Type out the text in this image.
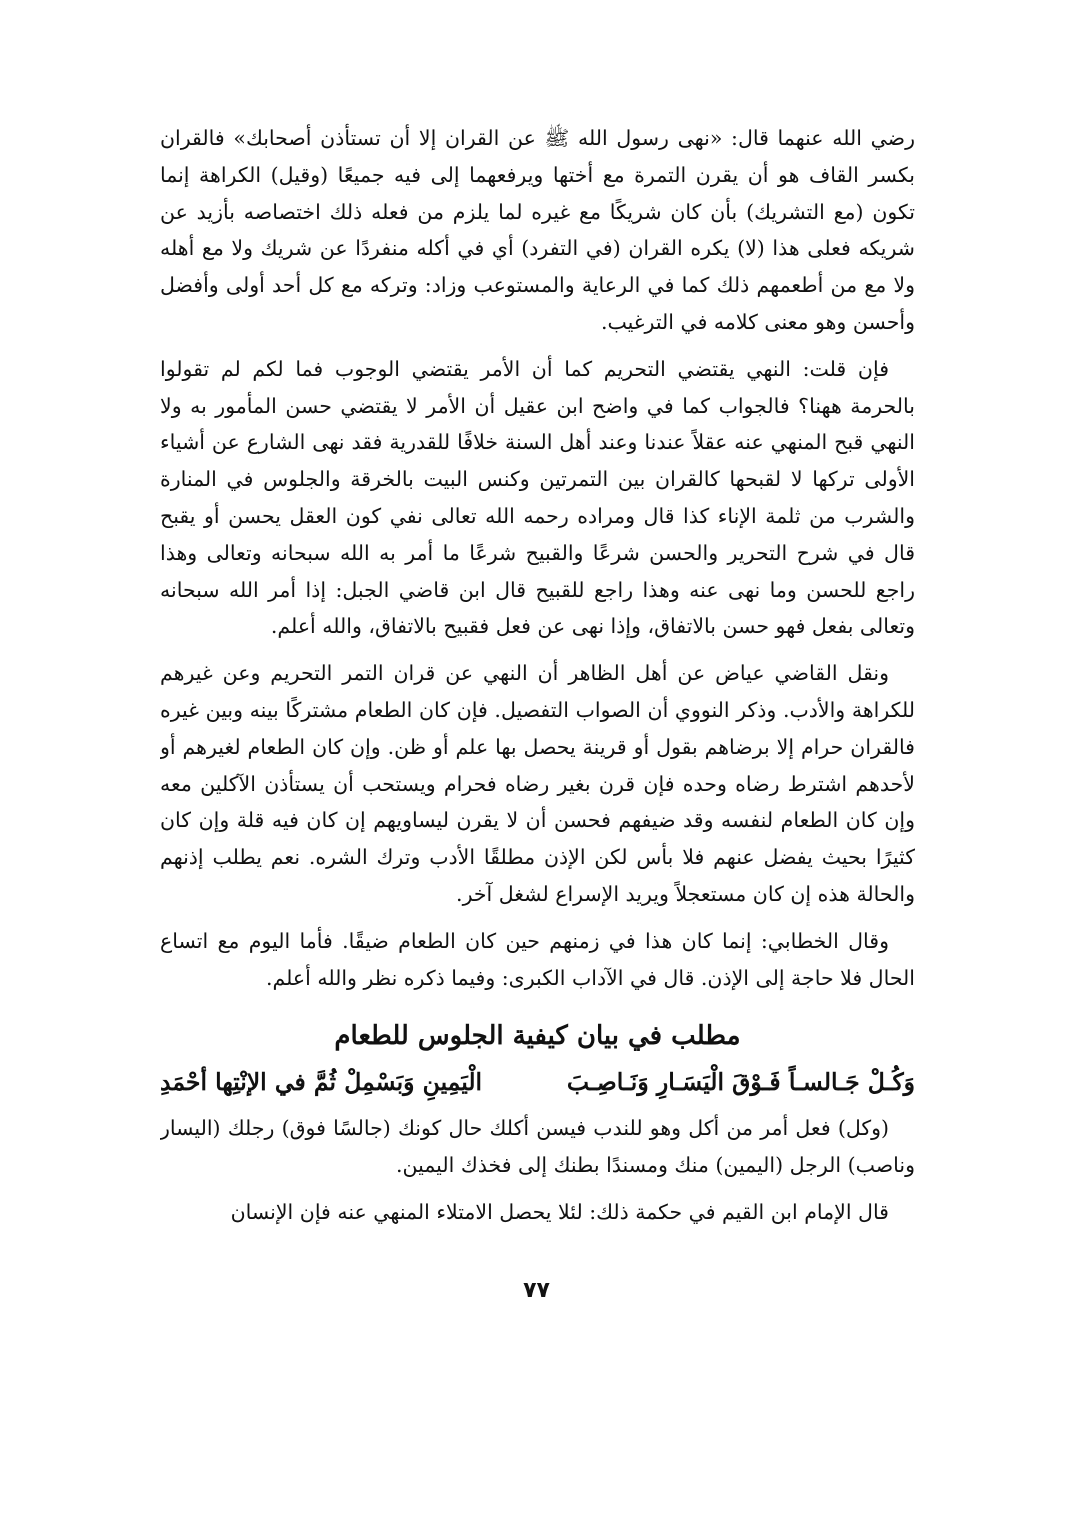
رضي الله عنهما قال: «نهى رسول الله ﷺ عن القران إلا أن تستأذن أصحابك» فالقران بكسر القاف هو أن يقرن التمرة مع أختها ويرفعهما إلى فيه جميعًا (وقيل) الكراهة إنما تكون (مع التشريك) بأن كان شريكًا مع غيره لما يلزم من فعله ذلك اختصاصه بأزيد عن شريكه فعلى هذا (لا) يكره القران (في التفرد) أي في أكله منفردًا عن شريك ولا مع أهله ولا مع من أطعمهم ذلك كما في الرعاية والمستوعب وزاد: وتركه مع كل أحد أولى وأفضل وأحسن وهو معنى كلامه في الترغيب.

فإن قلت: النهي يقتضي التحريم كما أن الأمر يقتضي الوجوب فما لكم لم تقولوا بالحرمة ههنا؟ فالجواب كما في واضح ابن عقيل أن الأمر لا يقتضي حسن المأمور به ولا النهي قبح المنهي عنه عقلاً عندنا وعند أهل السنة خلافًا للقدرية فقد نهى الشارع عن أشياء الأولى تركها لا لقبحها كالقران بين التمرتين وكنس البيت بالخرقة والجلوس في المنارة والشرب من ثلمة الإناء كذا قال ومراده رحمه الله تعالى نفي كون العقل يحسن أو يقبح قال في شرح التحرير والحسن شرعًا والقبيح شرعًا ما أمر به الله سبحانه وتعالى وهذا راجع للحسن وما نهى عنه وهذا راجع للقبيح قال ابن قاضي الجبل: إذا أمر الله سبحانه وتعالى بفعل فهو حسن بالاتفاق، وإذا نهى عن فعل فقبيح بالاتفاق، والله أعلم.

ونقل القاضي عياض عن أهل الظاهر أن النهي عن قران التمر التحريم وعن غيرهم للكراهة والأدب. وذكر النووي أن الصواب التفصيل. فإن كان الطعام مشتركًا بينه وبين غيره فالقران حرام إلا برضاهم بقول أو قرينة يحصل بها علم أو ظن. وإن كان الطعام لغيرهم أو لأحدهم اشترط رضاه وحده فإن قرن بغير رضاه فحرام ويستحب أن يستأذن الآكلين معه وإن كان الطعام لنفسه وقد ضيفهم فحسن أن لا يقرن ليساويهم إن كان فيه قلة وإن كان كثيرًا بحيث يفضل عنهم فلا بأس لكن الإذن مطلقًا الأدب وترك الشره. نعم يطلب إذنهم والحالة هذه إن كان مستعجلاً ويريد الإسراع لشغل آخر.

وقال الخطابي: إنما كان هذا في زمنهم حين كان الطعام ضيقًا. فأما اليوم مع اتساع الحال فلا حاجة إلى الإذن. قال في الآداب الكبرى: وفيما ذكره نظر والله أعلم.

مطلب في بيان كيفية الجلوس للطعام
وَكُـلْ جَـالسـاً فَـوْقَ الْيَسَـارِ وَنَـاصِـبَ
الْيَمِينِ وَبَسْمِلْ ثُمَّ في الإنْتِها أحْمَدِ

(وكل) فعل أمر من أكل وهو للندب فيسن أكلك حال كونك (جالسًا فوق) رجلك (اليسار وناصب) الرجل (اليمين) منك ومسندًا بطنك إلى فخذك اليمين.

قال الإمام ابن القيم في حكمة ذلك: لئلا يحصل الامتلاء المنهي عنه فإن الإنسان

٧٧
